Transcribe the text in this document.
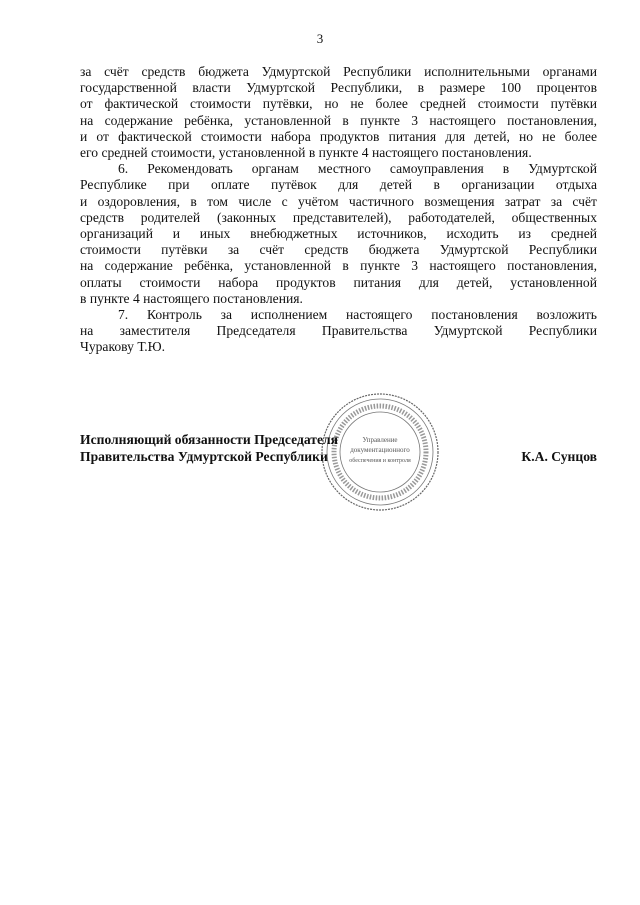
3

за счёт средств бюджета Удмуртской Республики исполнительными органами
государственной власти Удмуртской Республики, в размере 100 процентов
от фактической стоимости путёвки, но не более средней стоимости путёвки
на содержание ребёнка, установленной в пункте 3 настоящего постановления,
и от фактической стоимости набора продуктов питания для детей, но не более
его средней стоимости, установленной в пункте 4 настоящего постановления.

6. Рекомендовать органам местного самоуправления в Удмуртской
Республике при оплате путёвок для детей в организации отдыха
и оздоровления, в том числе с учётом частичного возмещения затрат за счёт
средств родителей (законных представителей), работодателей, общественных
организаций и иных внебюджетных источников, исходить из средней
стоимости путёвки за счёт средств бюджета Удмуртской Республики
на содержание ребёнка, установленной в пункте 3 настоящего постановления,
оплаты стоимости набора продуктов питания для детей, установленной
в пункте 4 настоящего постановления.

7. Контроль за исполнением настоящего постановления возложить
на заместителя Председателя Правительства Удмуртской Республики
Чуракову Т.Ю.

Управление
документационного
обеспечения и контроля
Исполняющий обязанности Председателя
Правительства Удмуртской Республики	К.А. Сунцов
